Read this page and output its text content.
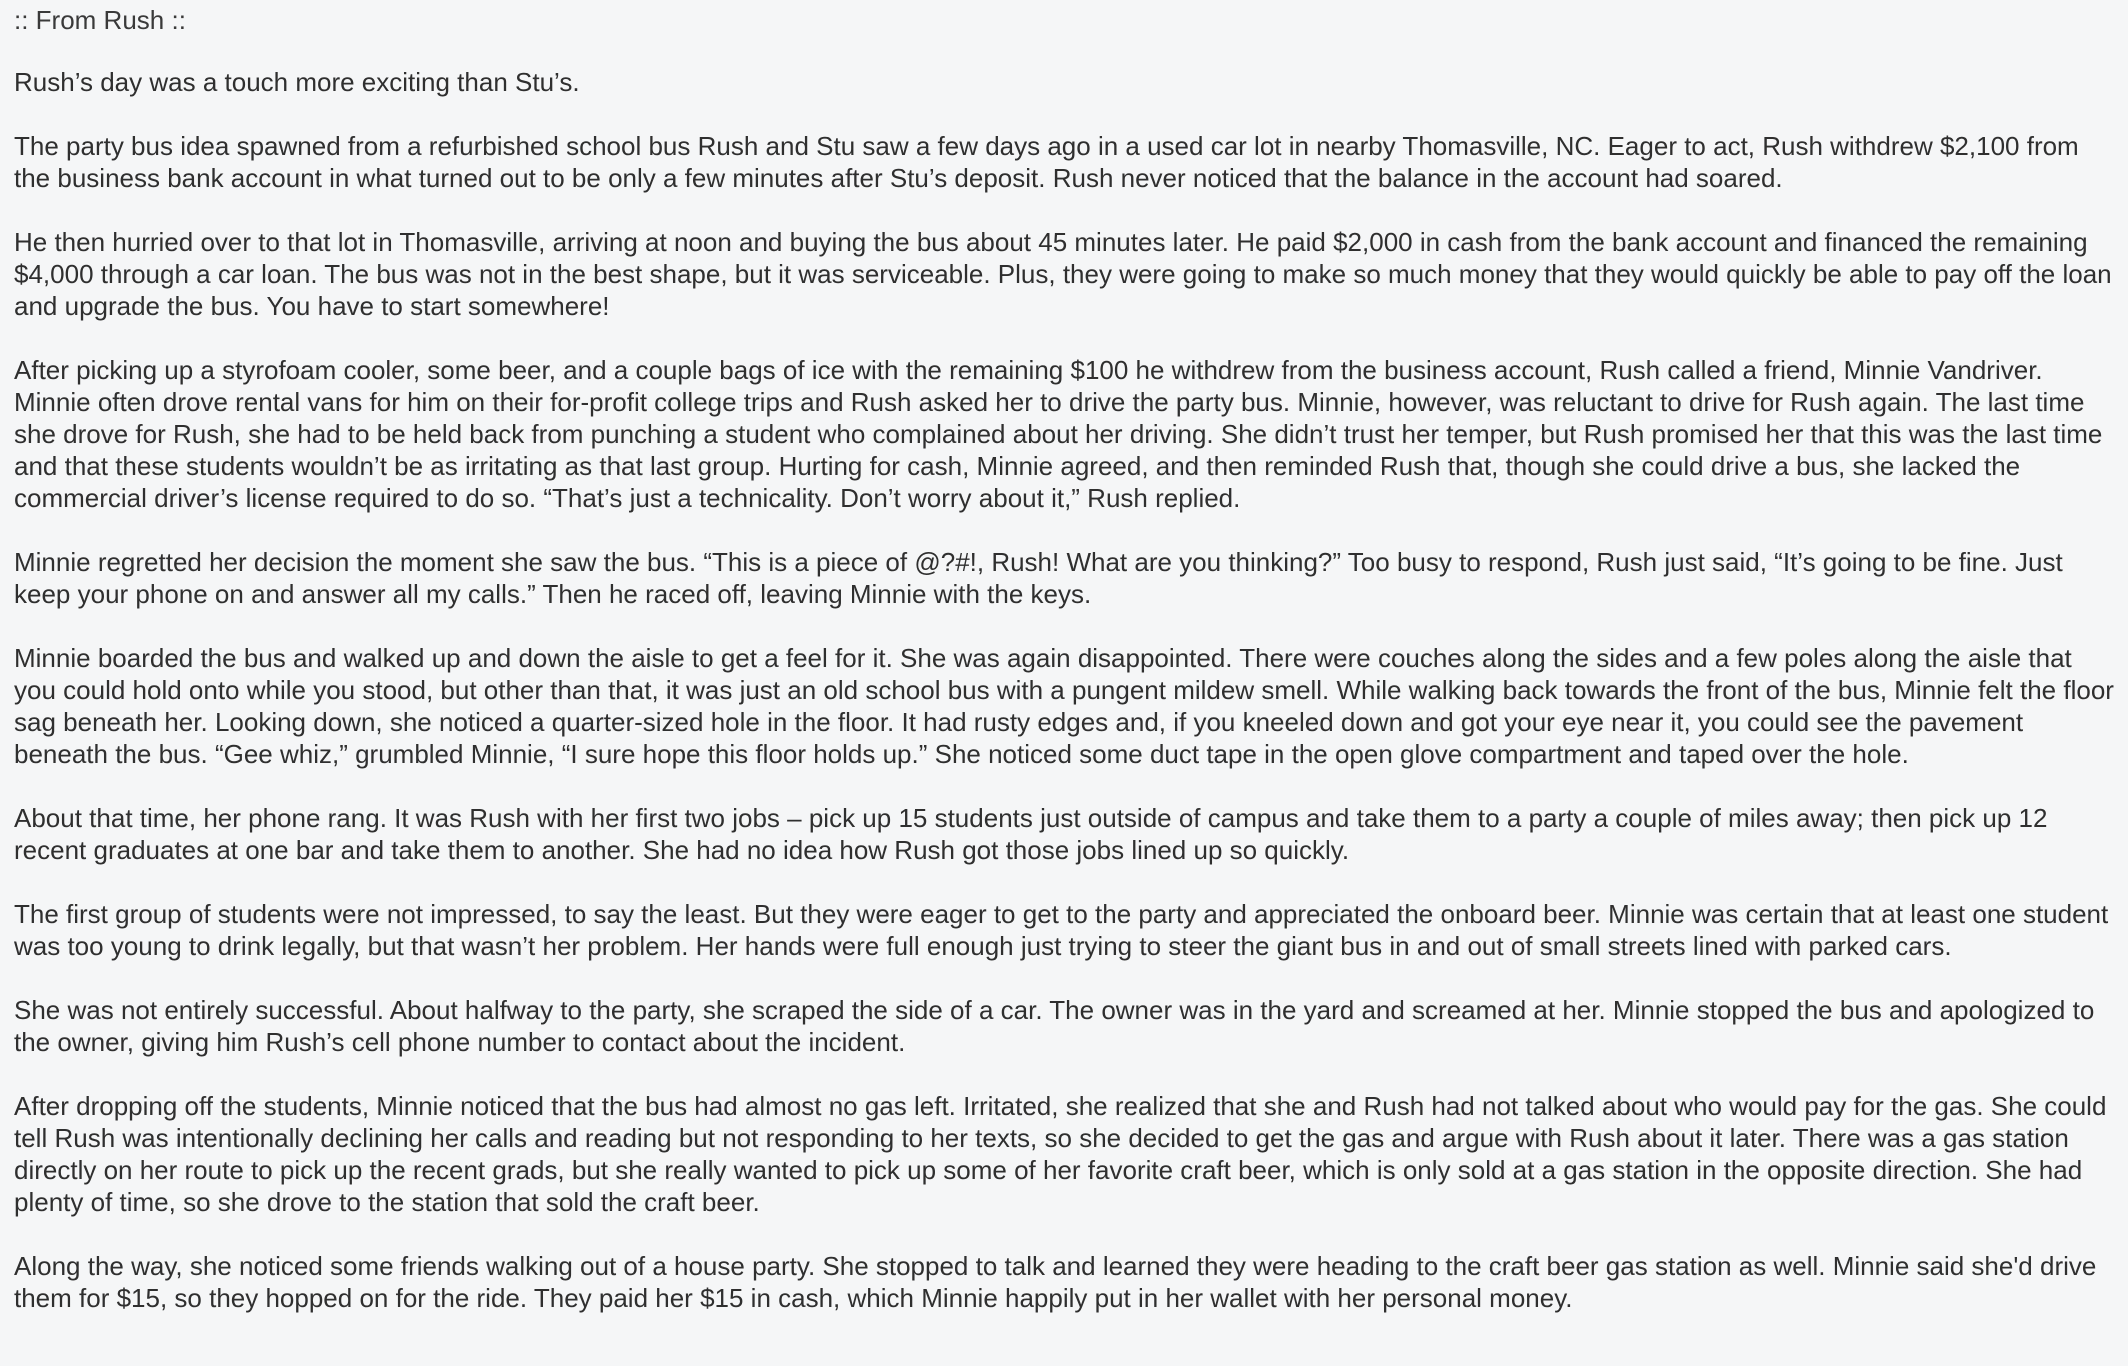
:: From Rush ::

Rush’s day was a touch more exciting than Stu’s.

The party bus idea spawned from a refurbished school bus Rush and Stu saw a few days ago in a used car lot in nearby Thomasville, NC. Eager to act, Rush withdrew $2,100 from the business bank account in what turned out to be only a few minutes after Stu’s deposit. Rush never noticed that the balance in the account had soared.

He then hurried over to that lot in Thomasville, arriving at noon and buying the bus about 45 minutes later. He paid $2,000 in cash from the bank account and financed the remaining $4,000 through a car loan. The bus was not in the best shape, but it was serviceable. Plus, they were going to make so much money that they would quickly be able to pay off the loan and upgrade the bus. You have to start somewhere!

After picking up a styrofoam cooler, some beer, and a couple bags of ice with the remaining $100 he withdrew from the business account, Rush called a friend, Minnie Vandriver. Minnie often drove rental vans for him on their for-profit college trips and Rush asked her to drive the party bus. Minnie, however, was reluctant to drive for Rush again. The last time she drove for Rush, she had to be held back from punching a student who complained about her driving. She didn’t trust her temper, but Rush promised her that this was the last time and that these students wouldn’t be as irritating as that last group. Hurting for cash, Minnie agreed, and then reminded Rush that, though she could drive a bus, she lacked the commercial driver’s license required to do so. “That’s just a technicality. Don’t worry about it,” Rush replied.

Minnie regretted her decision the moment she saw the bus. “This is a piece of @?#!, Rush! What are you thinking?” Too busy to respond, Rush just said, “It’s going to be fine. Just keep your phone on and answer all my calls.” Then he raced off, leaving Minnie with the keys.

Minnie boarded the bus and walked up and down the aisle to get a feel for it. She was again disappointed. There were couches along the sides and a few poles along the aisle that you could hold onto while you stood, but other than that, it was just an old school bus with a pungent mildew smell. While walking back towards the front of the bus, Minnie felt the floor sag beneath her. Looking down, she noticed a quarter-sized hole in the floor. It had rusty edges and, if you kneeled down and got your eye near it, you could see the pavement beneath the bus. “Gee whiz,” grumbled Minnie, “I sure hope this floor holds up.” She noticed some duct tape in the open glove compartment and taped over the hole.

About that time, her phone rang. It was Rush with her first two jobs – pick up 15 students just outside of campus and take them to a party a couple of miles away; then pick up 12 recent graduates at one bar and take them to another. She had no idea how Rush got those jobs lined up so quickly.

The first group of students were not impressed, to say the least. But they were eager to get to the party and appreciated the onboard beer. Minnie was certain that at least one student was too young to drink legally, but that wasn’t her problem. Her hands were full enough just trying to steer the giant bus in and out of small streets lined with parked cars.

She was not entirely successful. About halfway to the party, she scraped the side of a car. The owner was in the yard and screamed at her. Minnie stopped the bus and apologized to the owner, giving him Rush’s cell phone number to contact about the incident.

After dropping off the students, Minnie noticed that the bus had almost no gas left. Irritated, she realized that she and Rush had not talked about who would pay for the gas. She could tell Rush was intentionally declining her calls and reading but not responding to her texts, so she decided to get the gas and argue with Rush about it later. There was a gas station directly on her route to pick up the recent grads, but she really wanted to pick up some of her favorite craft beer, which is only sold at a gas station in the opposite direction. She had plenty of time, so she drove to the station that sold the craft beer.

Along the way, she noticed some friends walking out of a house party. She stopped to talk and learned they were heading to the craft beer gas station as well. Minnie said she'd drive them for $15, so they hopped on for the ride. They paid her $15 in cash, which Minnie happily put in her wallet with her personal money.
